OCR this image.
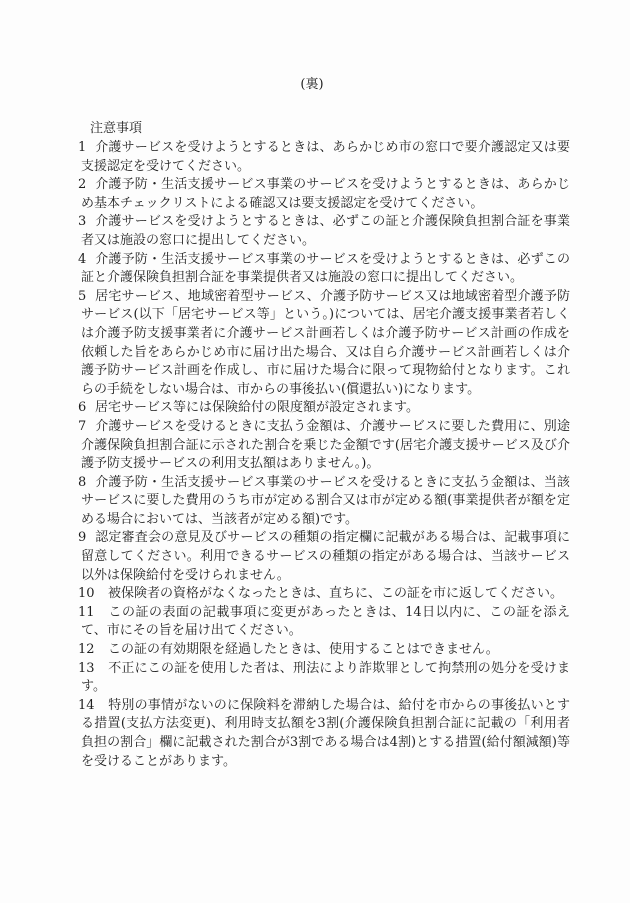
(裏)
注意事項
1 介護サービスを受けようとするときは、あらかじめ市の窓口で要介護認定又は要支援認定を受けてください。
2 介護予防・生活支援サービス事業のサービスを受けようとするときは、あらかじめ基本チェックリストによる確認又は要支援認定を受けてください。
3 介護サービスを受けようとするときは、必ずこの証と介護保険負担割合証を事業者又は施設の窓口に提出してください。
4 介護予防・生活支援サービス事業のサービスを受けようとするときは、必ずこの証と介護保険負担割合証を事業提供者又は施設の窓口に提出してください。
5 居宅サービス、地域密着型サービス、介護予防サービス又は地域密着型介護予防サービス(以下「居宅サービス等」という。)については、居宅介護支援事業者若しくは介護予防支援事業者に介護サービス計画若しくは介護予防サービス計画の作成を依頼した旨をあらかじめ市に届け出た場合、又は自ら介護サービス計画若しくは介護予防サービス計画を作成し、市に届けた場合に限って現物給付となります。これらの手続をしない場合は、市からの事後払い(償還払い)になります。
6 居宅サービス等には保険給付の限度額が設定されます。
7 介護サービスを受けるときに支払う金額は、介護サービスに要した費用に、別途介護保険負担割合証に示された割合を乗じた金額です(居宅介護支援サービス及び介護予防支援サービスの利用支払額はありません。)。
8 介護予防・生活支援サービス事業のサービスを受けるときに支払う金額は、当該サービスに要した費用のうち市が定める割合又は市が定める額(事業提供者が額を定める場合においては、当該者が定める額)です。
9 認定審査会の意見及びサービスの種類の指定欄に記載がある場合は、記載事項に留意してください。利用できるサービスの種類の指定がある場合は、当該サービス以外は保険給付を受けられません。
10 被保険者の資格がなくなったときは、直ちに、この証を市に返してください。
11 この証の表面の記載事項に変更があったときは、14日以内に、この証を添えて、市にその旨を届け出てください。
12 この証の有効期限を経過したときは、使用することはできません。
13 不正にこの証を使用した者は、刑法により詐欺罪として拘禁刑の処分を受けます。
14 特別の事情がないのに保険料を滞納した場合は、給付を市からの事後払いとする措置(支払方法変更)、利用時支払額を3割(介護保険負担割合証に記載の「利用者負担の割合」欄に記載された割合が3割である場合は4割)とする措置(給付額減額)等を受けることがあります。
